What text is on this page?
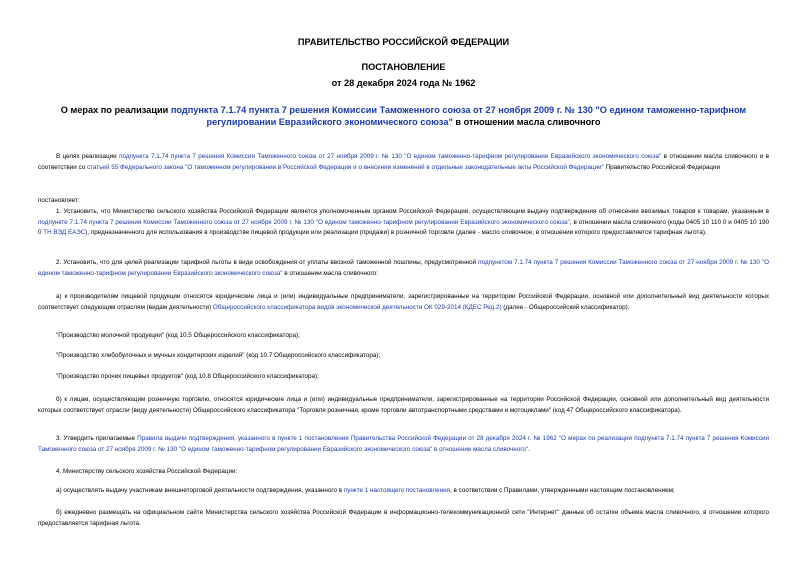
ПРАВИТЕЛЬСТВО РОССИЙСКОЙ ФЕДЕРАЦИИ
ПОСТАНОВЛЕНИЕ
от 28 декабря 2024 года № 1962
О мерах по реализации подпункта 7.1.74 пункта 7 решения Комиссии Таможенного союза от 27 ноября 2009 г. № 130 "О едином таможенно-тарифном регулировании Евразийского экономического союза" в отношении масла сливочного
В целях реализации подпункта 7.1.74 пункта 7 решения Комиссии Таможенного союза от 27 ноября 2009 г. № 130 "О едином таможенно-тарифном регулировании Евразийского экономического союза" в отношении масла сливочного и в соответствии со статьей 55 Федерального закона "О таможенном регулировании в Российской Федерации и о внесении изменений в отдельные законодательные акты Российской Федерации" Правительство Российской Федерации
постановляет:
1. Установить, что Министерство сельского хозяйства Российской Федерации является уполномоченным органом Российской Федерации, осуществляющим выдачу подтверждения об отнесении ввозимых товаров к товарам, указанным в подпункте 7.1.74 пункта 7 решения Комиссии Таможенного союза от 27 ноября 2009 г. № 130 "О едином таможенно-тарифном регулировании Евразийского экономического союза", в отношении масла сливочного (коды 0405 10 110 0 и 0405 10 190 0 ТН ВЭД ЕАЭС), предназначенного для использования в производстве пищевой продукции или реализации (продажи) в розничной торговле (далее - масло сливочное, в отношении которого предоставляется тарифная льгота).
2. Установить, что для целей реализации тарифной льготы в виде освобождения от уплаты ввозной таможенной пошлины, предусмотренной подпунктом 7.1.74 пункта 7 решения Комиссии Таможенного союза от 27 ноября 2009 г. № 130 "О едином таможенно-тарифном регулировании Евразийского экономического союза" в отношении масла сливочного:
а) к производителям пищевой продукции относятся юридические лица и (или) индивидуальные предприниматели, зарегистрированные на территории Российской Федерации, основной или дополнительный вид деятельности которых соответствует следующим отраслям (видам деятельности) Общероссийского классификатора видов экономической деятельности ОК 029-2014 (КДЕС Ред.2) (далее - Общероссийский классификатор):
"Производство молочной продукции" (код 10.5 Общероссийского классификатора);
"Производство хлебобулочных и мучных кондитерских изделий" (код 10.7 Общероссийского классификатора);
"Производство прочих пищевых продуктов" (код 10.8 Общероссийского классификатора);
б) к лицам, осуществляющим розничную торговлю, относятся юридические лица и (или) индивидуальные предприниматели, зарегистрированные на территории Российской Федерации, основной или дополнительный вид деятельности которых соответствует отрасли (виду деятельности) Общероссийского классификатора "Торговля розничная, кроме торговли автотранспортными средствами и мотоциклами" (код 47 Общероссийского классификатора).
3. Утвердить прилагаемые Правила выдачи подтверждения, указанного в пункте 1 постановления Правительства Российской Федерации от 28 декабря 2024 г. № 1962 "О мерах по реализации подпункта 7.1.74 пункта 7 решения Комиссии Таможенного союза от 27 ноября 2009 г. № 130 "О едином таможенно-тарифном регулировании Евразийского экономического союза" в отношении масла сливочного".
4. Министерству сельского хозяйства Российской Федерации:
а) осуществлять выдачу участникам внешнеторговой деятельности подтверждения, указанного в пункте 1 настоящего постановления, в соответствии с Правилами, утвержденными настоящим постановлением;
б) ежедневно размещать на официальном сайте Министерства сельского хозяйства Российской Федерации в информационно-телекоммуникационной сети "Интернет" данные об остатке объема масла сливочного, в отношении которого предоставляется тарифная льгота.
